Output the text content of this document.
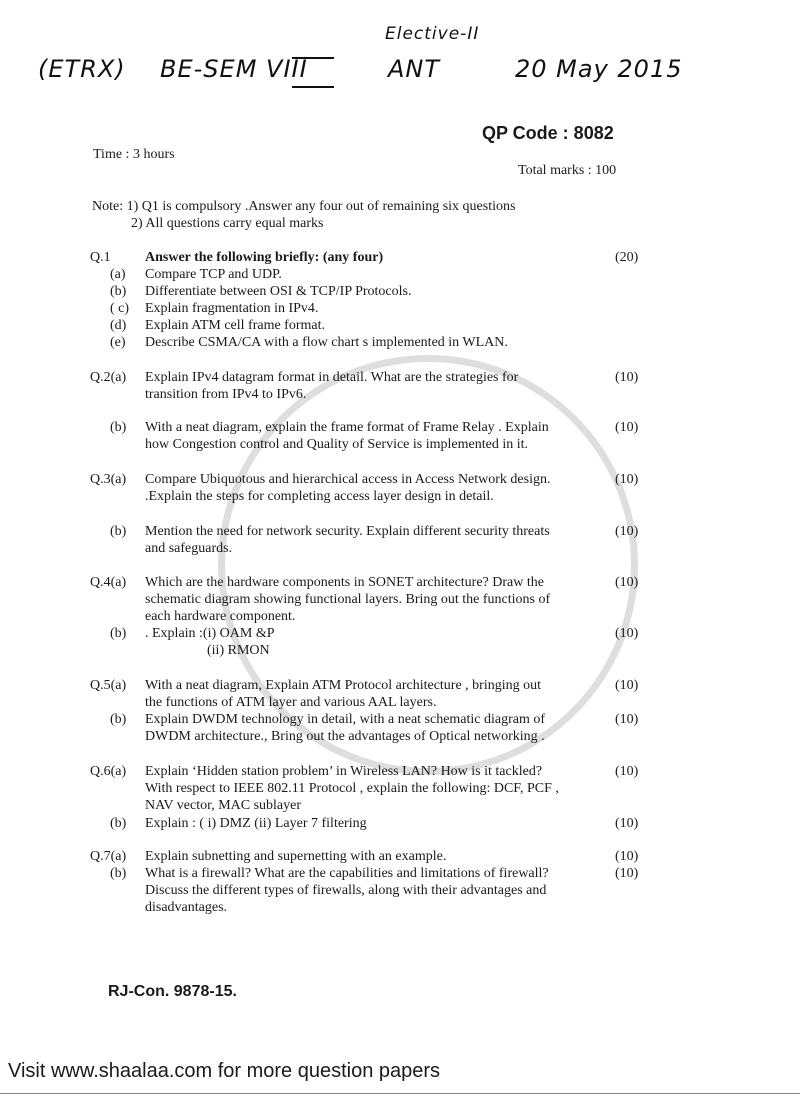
(ETRX) BE-SEM VIII
Elective-II
ANT	20 May 2015
QP Code : 8082
Time : 3 hours
Total marks : 100
Note: 1) Q1 is compulsory .Answer any four out of remaining six questions
2) All questions carry equal marks
Q.1 Answer the following briefly: (any four)	(20)
(a) Compare TCP and UDP.
(b) Differentiate between OSI & TCP/IP Protocols.
( c) Explain fragmentation in IPv4.
(d) Explain ATM cell frame format.
(e) Describe CSMA/CA with a flow chart s implemented in WLAN.
Q.2(a) Explain IPv4 datagram format in detail. What are the strategies for
transition from IPv4 to IPv6.
(10)
(b) With a neat diagram, explain the frame format of Frame Relay . Explain
how Congestion control and Quality of Service is implemented in it.
(10)
Q.3(a) Compare Ubiquotous and hierarchical access in Access Network design.
.Explain the steps for completing access layer design in detail.
(10)
(b) Mention the need for network security. Explain different security threats
and safeguards.
(10)
Q.4(a) Which are the hardware components in SONET architecture? Draw the
schematic diagram showing functional layers. Bring out the functions of
each hardware component.
(10)
(b) . Explain :(i) OAM &P
(ii) RMON
(10)
Q.5(a) With a neat diagram, Explain ATM Protocol architecture , bringing out
the functions of ATM layer and various AAL layers.
(10)
(b) Explain DWDM technology in detail, with a neat schematic diagram of
DWDM architecture., Bring out the advantages of Optical networking .
(10)
Q.6(a) Explain ‘Hidden station problem’ in Wireless LAN? How is it tackled?
With respect to IEEE 802.11 Protocol , explain the following: DCF, PCF ,
NAV vector, MAC sublayer
(10)
(b) Explain : ( i) DMZ (ii) Layer 7 filtering	(10)
Q.7(a) Explain subnetting and supernetting with an example.	(10)
(b) What is a firewall? What are the capabilities and limitations of firewall?
Discuss the different types of firewalls, along with their advantages and
disadvantages.
(10)
RJ-Con. 9878-15.
Visit www.shaalaa.com for more question papers
